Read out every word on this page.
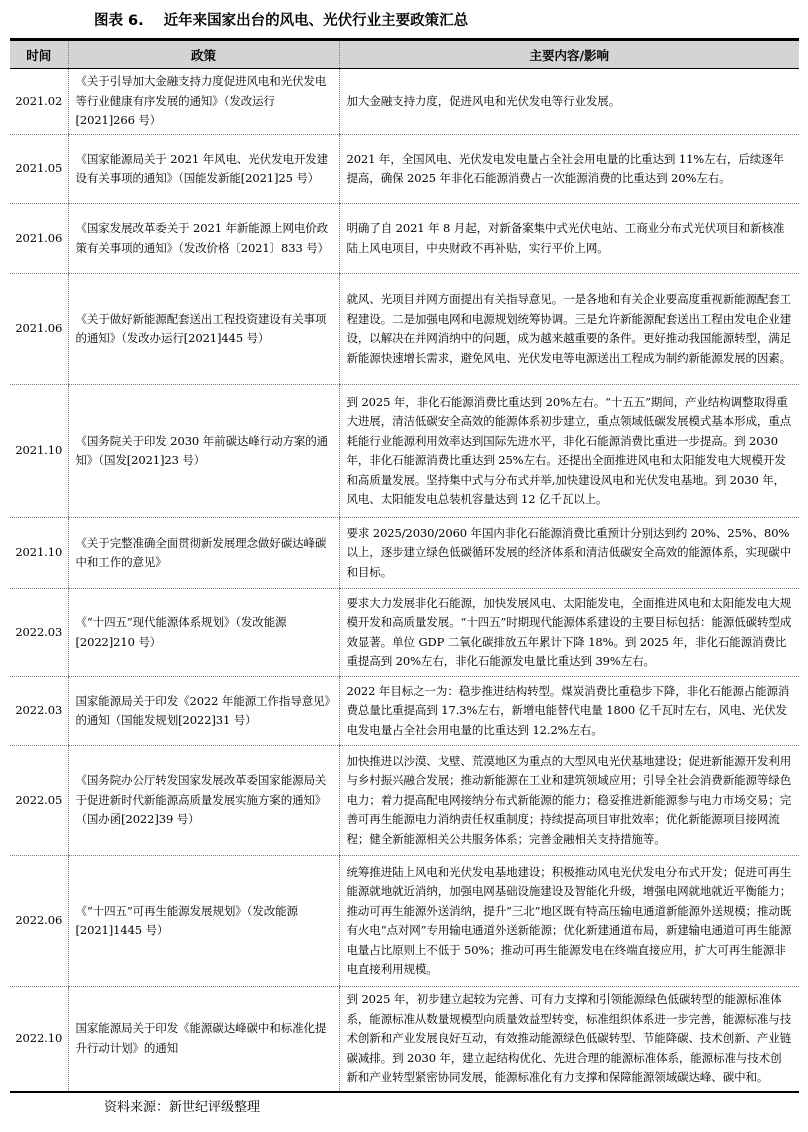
图表 6. 近年来国家出台的风电、光伏行业主要政策汇总
时间	政策	主要内容/影响
2021.02	《关于引导加大金融支持力度促进风电和光伏发电等行业健康有序发展的通知》（发改运行[2021]266 号）	加大金融支持力度，促进风电和光伏发电等行业发展。
2021.05	《国家能源局关于 2021 年风电、光伏发电开发建设有关事项的通知》（国能发新能[2021]25 号）	2021 年，全国风电、光伏发电发电量占全社会用电量的比重达到 11%左右，后续逐年提高，确保 2025 年非化石能源消费占一次能源消费的比重达到 20%左右。
2021.06	《国家发展改革委关于 2021 年新能源上网电价政策有关事项的通知》（发改价格〔2021〕833 号）	明确了自 2021 年 8 月起，对新备案集中式光伏电站、工商业分布式光伏项目和新核准陆上风电项目，中央财政不再补贴，实行平价上网。
2021.06	《关于做好新能源配套送出工程投资建设有关事项的通知》（发改办运行[2021]445 号）	就风、光项目并网方面提出有关指导意见。一是各地和有关企业要高度重视新能源配套工程建设。二是加强电网和电源规划统筹协调。三是允许新能源配套送出工程由发电企业建设，以解决在并网消纳中的问题，成为越来越重要的条件。更好推动我国能源转型，满足新能源快速增长需求，避免风电、光伏发电等电源送出工程成为制约新能源发展的因素。
2021.10	《国务院关于印发 2030 年前碳达峰行动方案的通知》（国发[2021]23 号）	到 2025 年，非化石能源消费比重达到 20%左右。“十五五”期间，产业结构调整取得重大进展，清洁低碳安全高效的能源体系初步建立，重点领域低碳发展模式基本形成，重点耗能行业能源利用效率达到国际先进水平，非化石能源消费比重进一步提高。到 2030 年，非化石能源消费比重达到 25%左右。还提出全面推进风电和太阳能发电大规模开发和高质量发展。坚持集中式与分布式并举,加快建设风电和光伏发电基地。到 2030 年，风电、太阳能发电总装机容量达到 12 亿千瓦以上。
2021.10	《关于完整准确全面贯彻新发展理念做好碳达峰碳中和工作的意见》	要求 2025/2030/2060 年国内非化石能源消费比重预计分别达到约 20%、25%、80%以上，逐步建立绿色低碳循环发展的经济体系和清洁低碳安全高效的能源体系，实现碳中和目标。
2022.03	《“十四五”现代能源体系规划》（发改能源[2022]210 号）	要求大力发展非化石能源，加快发展风电、太阳能发电，全面推进风电和太阳能发电大规模开发和高质量发展。“十四五”时期现代能源体系建设的主要目标包括：能源低碳转型成效显著。单位 GDP 二氧化碳排放五年累计下降 18%。到 2025 年，非化石能源消费比重提高到 20%左右，非化石能源发电量比重达到 39%左右。
2022.03	国家能源局关于印发《2022 年能源工作指导意见》的通知（国能发规划[2022]31 号）	2022 年目标之一为：稳步推进结构转型。煤炭消费比重稳步下降，非化石能源占能源消费总量比重提高到 17.3%左右，新增电能替代电量 1800 亿千瓦时左右，风电、光伏发电发电量占全社会用电量的比重达到 12.2%左右。
2022.05	《国务院办公厅转发国家发展改革委国家能源局关于促进新时代新能源高质量发展实施方案的通知》（国办函[2022]39 号）	加快推进以沙漠、戈壁、荒漠地区为重点的大型风电光伏基地建设；促进新能源开发利用与乡村振兴融合发展；推动新能源在工业和建筑领域应用；引导全社会消费新能源等绿色电力；着力提高配电网接纳分布式新能源的能力；稳妥推进新能源参与电力市场交易；完善可再生能源电力消纳责任权重制度；持续提高项目审批效率；优化新能源项目接网流程；健全新能源相关公共服务体系；完善金融相关支持措施等。
2022.06	《“十四五”可再生能源发展规划》（发改能源[2021]1445 号）	统筹推进陆上风电和光伏发电基地建设；积极推动风电光伏发电分布式开发；促进可再生能源就地就近消纳，加强电网基础设施建设及智能化升级，增强电网就地就近平衡能力；推动可再生能源外送消纳，提升“三北”地区既有特高压输电通道新能源外送规模；推动既有火电“点对网”专用输电通道外送新能源；优化新建通道布局，新建输电通道可再生能源电量占比原则上不低于 50%；推动可再生能源发电在终端直接应用，扩大可再生能源非电直接利用规模。
2022.10	国家能源局关于印发《能源碳达峰碳中和标准化提升行动计划》的通知	到 2025 年，初步建立起较为完善、可有力支撑和引领能源绿色低碳转型的能源标准体系，能源标准从数量规模型向质量效益型转变，标准组织体系进一步完善，能源标准与技术创新和产业发展良好互动，有效推动能源绿色低碳转型、节能降碳、技术创新、产业链碳减排。到 2030 年，建立起结构优化、先进合理的能源标准体系，能源标准与技术创新和产业转型紧密协同发展，能源标准化有力支撑和保障能源领域碳达峰、碳中和。
资料来源：新世纪评级整理
